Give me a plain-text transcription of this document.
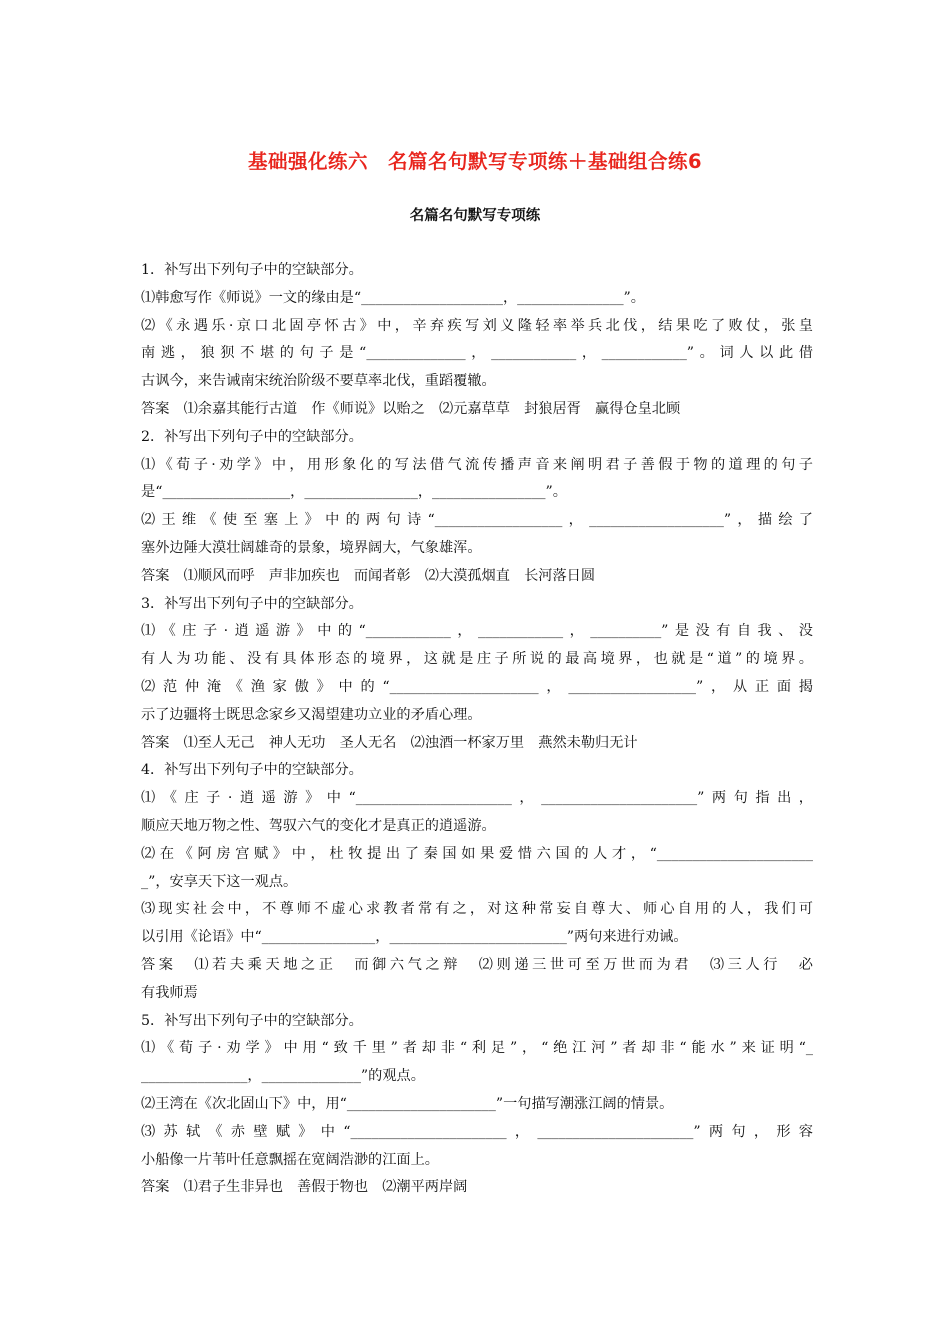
基础强化练六　名篇名句默写专项练＋基础组合练6
名篇名句默写专项练
1．补写出下列句子中的空缺部分。
⑴韩愈写作《师说》一文的缘由是“____________________，_______________”。
⑵《永遇乐·京口北固亭怀古》中，辛弃疾写刘义隆轻率举兵北伐，结果吃了败仗，张皇
南逃，狼狈不堪的句子是“______________，____________，____________”。词人以此借
古讽今，来告诫南宋统治阶级不要草率北伐，重蹈覆辙。
答案　⑴余嘉其能行古道　作《师说》以贻之　⑵元嘉草草　封狼居胥　赢得仓皇北顾
2．补写出下列句子中的空缺部分。
⑴《荀子·劝学》中，用形象化的写法借气流传播声音来阐明君子善假于物的道理的句子
是“__________________，________________，________________”。
⑵王维《使至塞上》中的两句诗“__________________，___________________”，描绘了
塞外边陲大漠壮阔雄奇的景象，境界阔大，气象雄浑。
答案　⑴顺风而呼　声非加疾也　而闻者彰　⑵大漠孤烟直　长河落日圆
3．补写出下列句子中的空缺部分。
⑴《庄子·逍遥游》中的“____________，____________，__________”是没有自我、没
有人为功能、没有具体形态的境界，这就是庄子所说的最高境界，也就是“道”的境界。
⑵范仲淹《渔家傲》中的“_____________________，__________________”，从正面揭
示了边疆将士既思念家乡又渴望建功立业的矛盾心理。
答案　⑴至人无己　神人无功　圣人无名　⑵浊酒一杯家万里　燕然未勒归无计
4．补写出下列句子中的空缺部分。
⑴《庄子·逍遥游》中“______________________，______________________”两句指出，
顺应天地万物之性、驾驭六气的变化才是真正的逍遥游。
⑵在《阿房宫赋》中，杜牧提出了秦国如果爱惜六国的人才，“______________________
_”，安享天下这一观点。
⑶现实社会中，不尊师不虚心求教者常有之，对这种常妄自尊大、师心自用的人，我们可
以引用《论语》中“________________，_________________________”两句来进行劝诫。
答案　⑴若夫乘天地之正　而御六气之辩　⑵则递三世可至万世而为君　⑶三人行　必
有我师焉
5．补写出下列句子中的空缺部分。
⑴《荀子·劝学》中用“致千里”者却非“利足”，“绝江河”者却非“能水”来证明“_
_______________，______________”的观点。
⑵王湾在《次北固山下》中，用“_____________________”一句描写潮涨江阔的情景。
⑶苏轼《赤壁赋》中“______________________，______________________”两句，形容
小船像一片苇叶任意飘摇在宽阔浩渺的江面上。
答案　⑴君子生非异也　善假于物也　⑵潮平两岸阔
